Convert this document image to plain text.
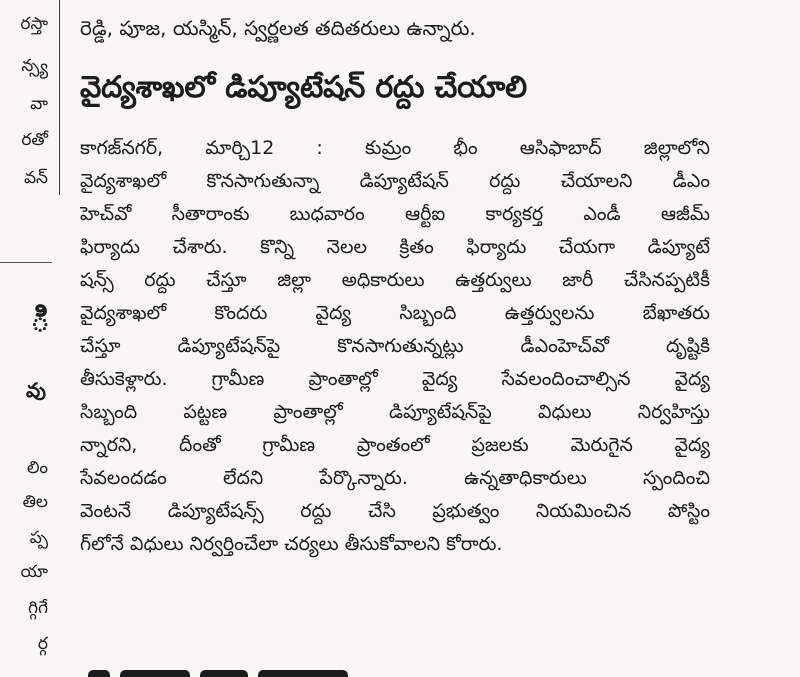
రస్తా
న్స్య
వా
రతో
వన్
ి
వు
లిం
తిల
ప్ప
యా
గ్గిగే
ర్గ
రెడ్డి, పూజ, యస్మిన్, స్వర్ణలత తదితరులు ఉన్నారు.
వైద్యశాఖలో డిప్యూటేషన్ రద్దు చేయాలి
కాగజ్‌నగర్, మార్చి12 : కుమ్రం భీం ఆసిఫాబాద్ జిల్లాలోని
వైద్యశాఖలో కొనసాగుతున్నా డిప్యూటేషన్ రద్దు చేయాలని డీఎం
హెచ్‌వో సీతారాంకు బుధవారం ఆర్టీఐ కార్యకర్త ఎండీ ఆజీమ్
ఫిర్యాదు చేశారు. కొన్ని నెలల క్రితం ఫిర్యాదు చేయగా డిప్యూటే
షన్స్ రద్దు చేస్తూ జిల్లా అధికారులు ఉత్తర్వులు జారీ చేసినప్పటికీ
వైద్యశాఖలో కొందరు వైద్య సిబ్బంది ఉత్తర్వులను బేఖాతరు
చేస్తూ డిప్యూటేషన్‌పై కొనసాగుతున్నట్లు డీఎంహెచ్‌వో దృష్టికి
తీసుకెళ్లారు. గ్రామీణ ప్రాంతాల్లో వైద్య సేవలందించాల్సిన వైద్య
సిబ్బంది పట్టణ ప్రాంతాల్లో డిప్యూటేషన్‌పై విధులు నిర్వహిస్తు
న్నారని, దీంతో గ్రామీణ ప్రాంతంలో ప్రజలకు మెరుగైన వైద్య
సేవలందడం లేదని పేర్కొన్నారు. ఉన్నతాధికారులు స్పందించి
వెంటనే డిప్యూటేషన్స్ రద్దు చేసి ప్రభుత్వం నియమించిన పోస్టిం
గ్‌లోనే విధులు నిర్వర్తించేలా చర్యలు తీసుకోవాలని కోరారు.
